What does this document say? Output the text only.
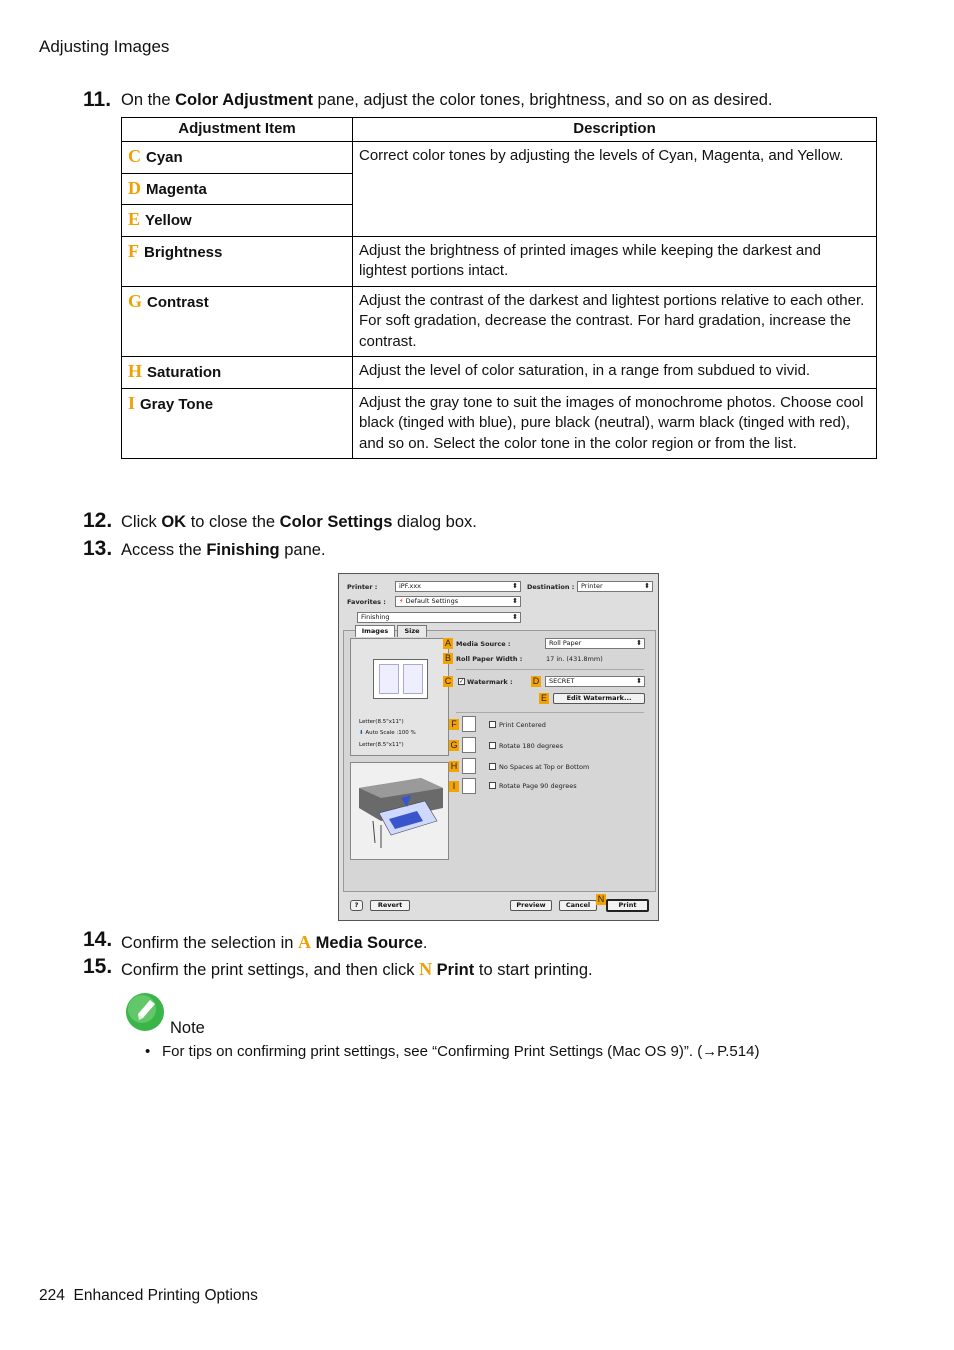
Adjusting Images
11. On the Color Adjustment pane, adjust the color tones, brightness, and so on as desired.
Adjustment Item	Description
C Cyan	Correct color tones by adjusting the levels of Cyan, Magenta, and Yellow.
D Magenta	
E Yellow	
F Brightness	Adjust the brightness of printed images while keeping the darkest and lightest portions intact.
G Contrast	Adjust the contrast of the darkest and lightest portions relative to each other.
For soft gradation, decrease the contrast. For hard gradation, increase the contrast.

H Saturation	Adjust the level of color saturation, in a range from subdued to vivid.
I Gray Tone	Adjust the gray tone to suit the images of monochrome photos. Choose cool black (tinged with blue), pure black (neutral), warm black (tinged with red), and so on. Select the color tone in the color region or from the list.
12. Click OK to close the Color Settings dialog box.
13. Access the Finishing pane.
Printer :	iPF.xxx ⬍	Destination :	Printer ⬍
Favorites :	⚡ Default Settings ⬍
Finishing ⬍
Images	Size
Letter(8.5"x11")
⬇ Auto Scale :100 %
Letter(8.5"x11")
A Media Source :	Roll Paper ⬍
B Roll Paper Width :	17 in. (431.8mm)
C ✓ Watermark : D	SECRET ⬍
E	Edit Watermark...
F	Print Centered
G	Rotate 180 degrees
H	No Spaces at Top or Bottom
I	Rotate Page 90 degrees
?	Revert	Preview	Cancel
N
Print
14. Confirm the selection in A Media Source.
15. Confirm the print settings, and then click N Print to start printing.
Note
• For tips on confirming print settings, see “Confirming Print Settings (Mac OS 9)”. (→P.514)
224 Enhanced Printing Options
